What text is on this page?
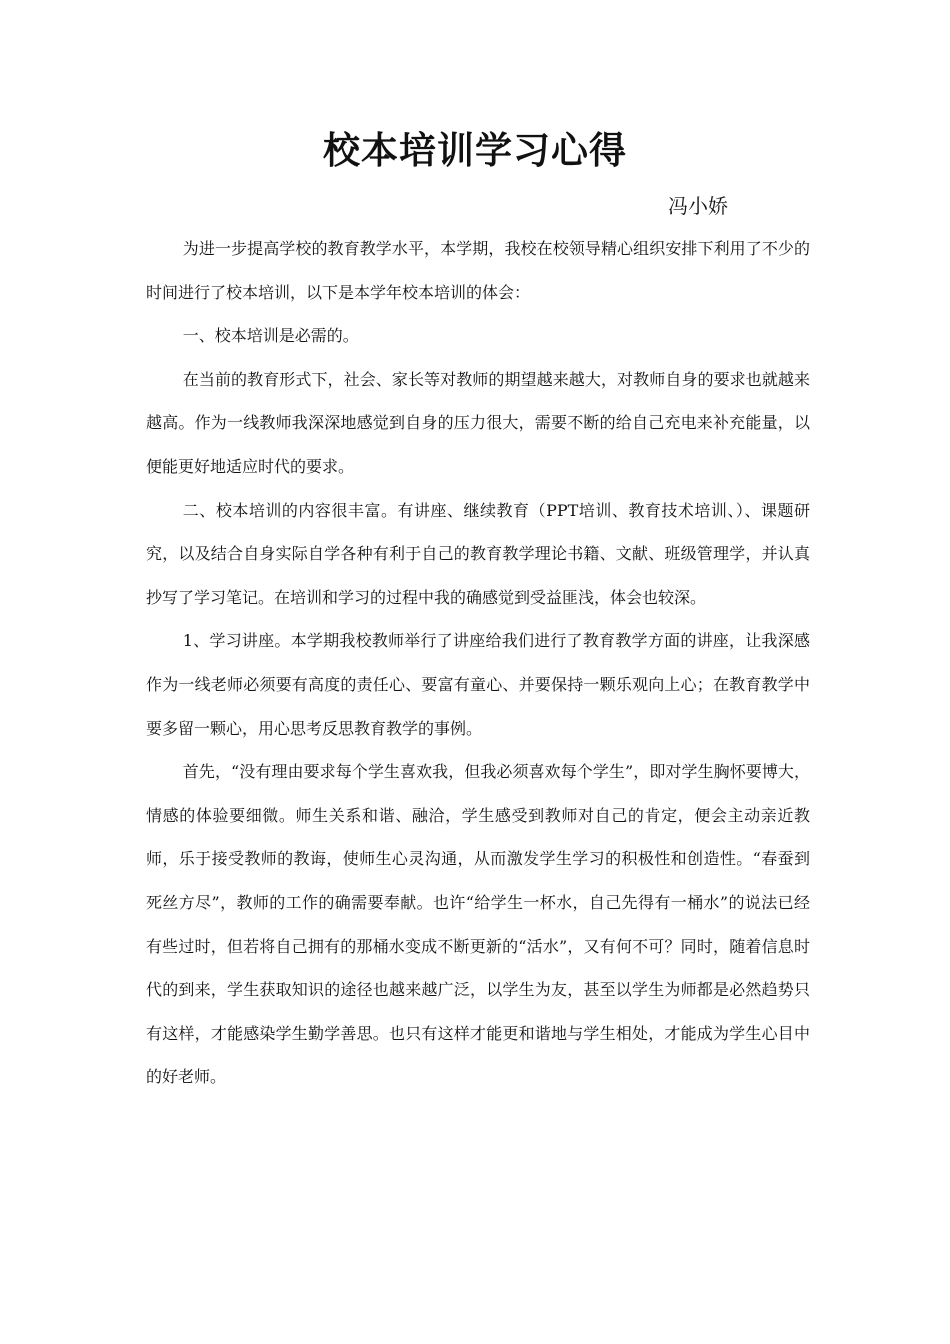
校本培训学习心得
冯小娇

为进一步提高学校的教育教学水平，本学期，我校在校领导精心组织安排下利用了不少的时间进行了校本培训，以下是本学年校本培训的体会：

一、校本培训是必需的。

在当前的教育形式下，社会、家长等对教师的期望越来越大，对教师自身的要求也就越来越高。作为一线教师我深深地感觉到自身的压力很大，需要不断的给自己充电来补充能量，以便能更好地适应时代的要求。

二、校本培训的内容很丰富。有讲座、继续教育（PPT培训、教育技术培训、）、课题研究，以及结合自身实际自学各种有利于自己的教育教学理论书籍、文献、班级管理学，并认真抄写了学习笔记。在培训和学习的过程中我的确感觉到受益匪浅，体会也较深。

1、学习讲座。本学期我校教师举行了讲座给我们进行了教育教学方面的讲座，让我深感作为一线老师必须要有高度的责任心、要富有童心、并要保持一颗乐观向上心；在教育教学中要多留一颗心，用心思考反思教育教学的事例。

首先，“没有理由要求每个学生喜欢我，但我必须喜欢每个学生”，即对学生胸怀要博大，情感的体验要细微。师生关系和谐、融洽，学生感受到教师对自己的肯定，便会主动亲近教师，乐于接受教师的教诲，使师生心灵沟通，从而激发学生学习的积极性和创造性。“春蚕到死丝方尽”，教师的工作的确需要奉献。也许“给学生一杯水，自己先得有一桶水”的说法已经有些过时，但若将自己拥有的那桶水变成不断更新的“活水”，又有何不可？同时，随着信息时代的到来，学生获取知识的途径也越来越广泛，以学生为友，甚至以学生为师都是必然趋势只有这样，才能感染学生勤学善思。也只有这样才能更和谐地与学生相处，才能成为学生心目中的好老师。
